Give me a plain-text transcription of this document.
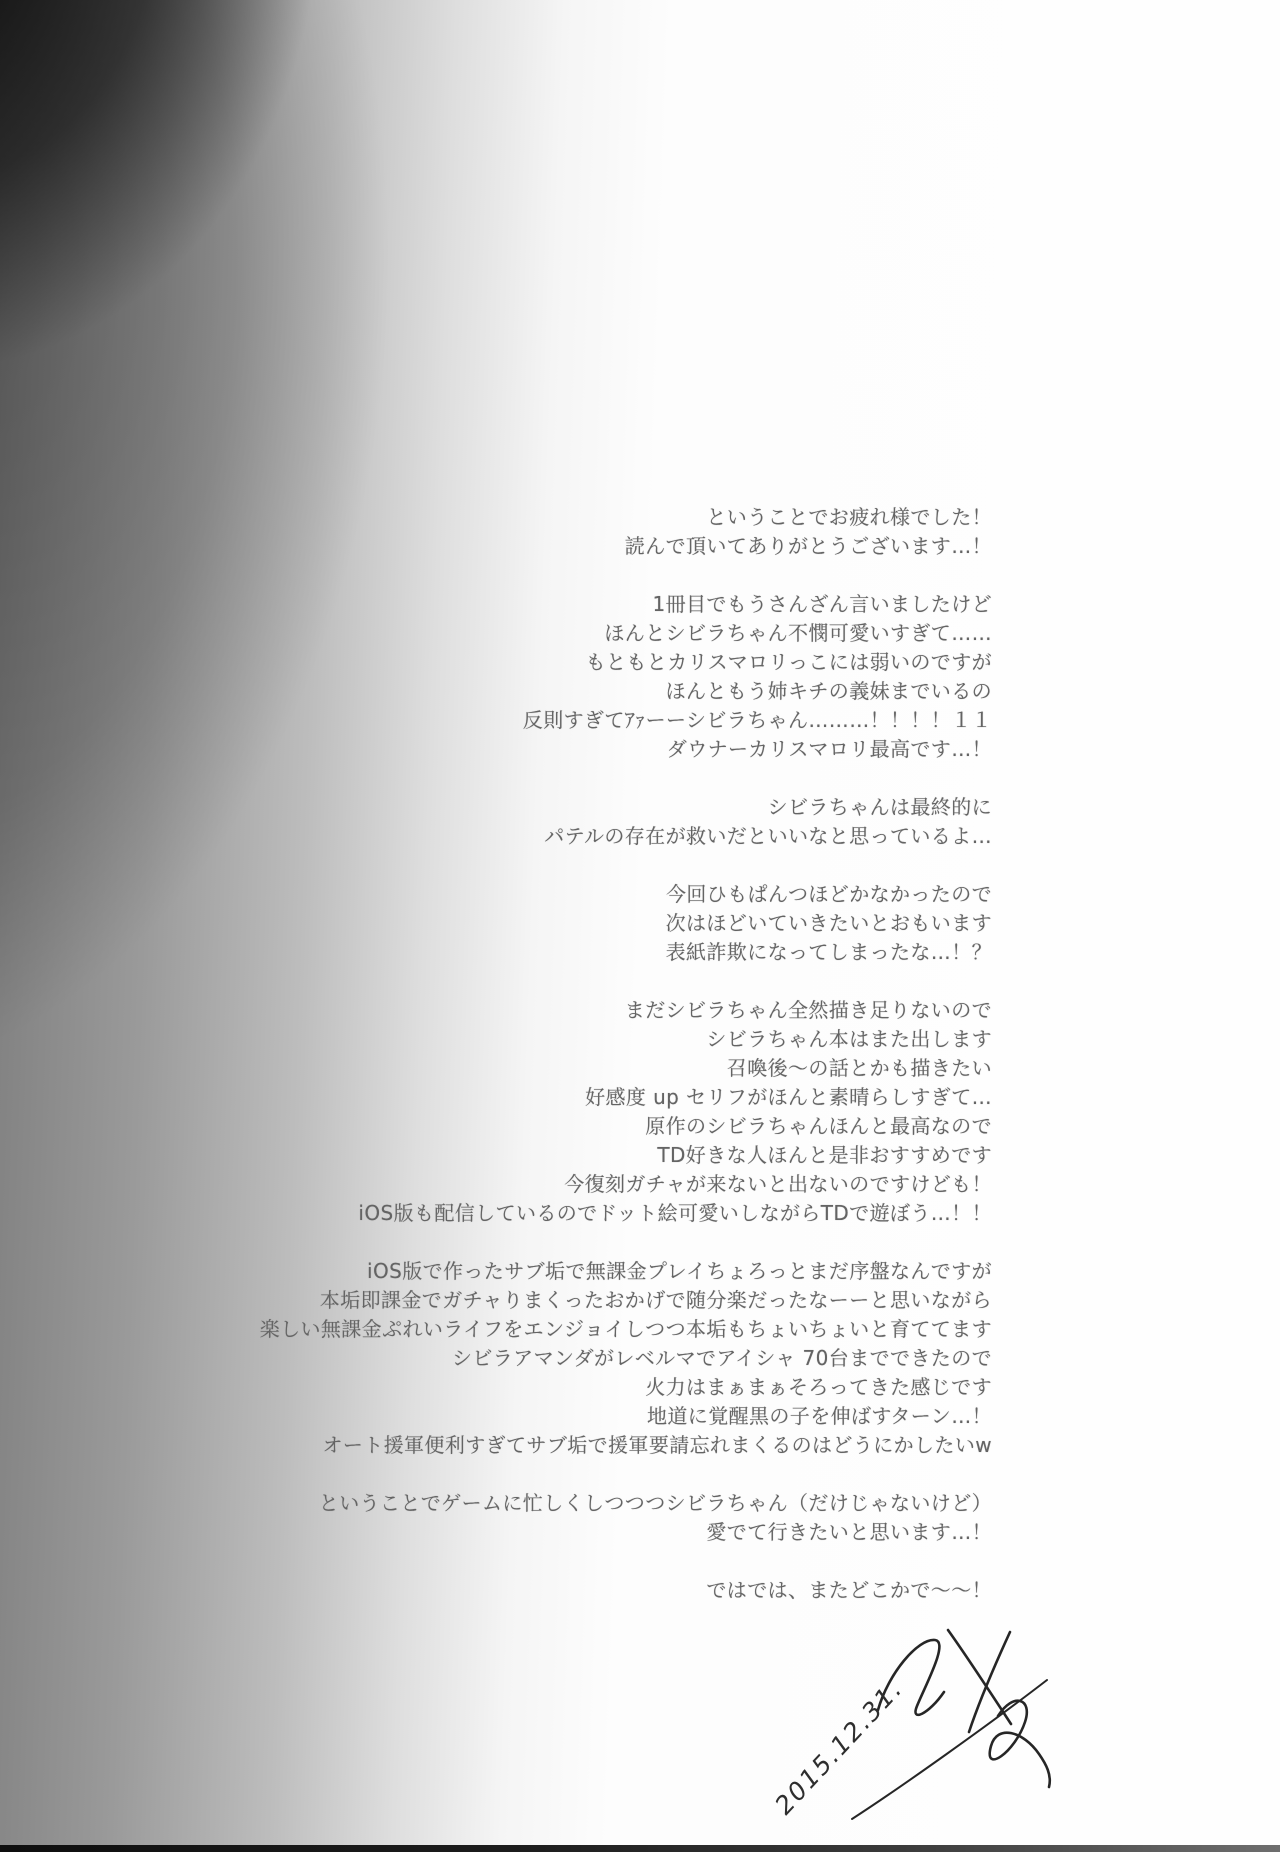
ということでお疲れ様でした！
読んで頂いてありがとうございます…！
1冊目でもうさんざん言いましたけど
ほんとシビラちゃん不憫可愛いすぎて……
もともとカリスマロリっこには弱いのですが
ほんともう姉キチの義妹までいるの
反則すぎてｱｧーーシビラちゃん………！！！！１１
ダウナーカリスマロリ最高です…！
シビラちゃんは最終的に
パテルの存在が救いだといいなと思っているよ…
今回ひもぱんつほどかなかったので
次はほどいていきたいとおもいます
表紙詐欺になってしまったな…！？
まだシビラちゃん全然描き足りないので
シビラちゃん本はまた出します
召喚後～の話とかも描きたい
好感度 up セリフがほんと素晴らしすぎて…
原作のシビラちゃんほんと最高なので
TD好きな人ほんと是非おすすめです
今復刻ガチャが来ないと出ないのですけども！
iOS版も配信しているのでドット絵可愛いしながらTDで遊ぼう…！！
iOS版で作ったサブ垢で無課金プレイちょろっとまだ序盤なんですが
本垢即課金でガチャりまくったおかげで随分楽だったなーーと思いながら
楽しい無課金ぷれいライフをエンジョイしつつ本垢もちょいちょいと育ててます
シビラアマンダがレベルマでアイシャ 70台までできたので
火力はまぁまぁそろってきた感じです
地道に覚醒黒の子を伸ばすターン…！
オート援軍便利すぎてサブ垢で援軍要請忘れまくるのはどうにかしたいw
ということでゲームに忙しくしつつつシビラちゃん（だけじゃないけど）
愛でて行きたいと思います…！
ではでは、またどこかで～～！
2015.12.31.
